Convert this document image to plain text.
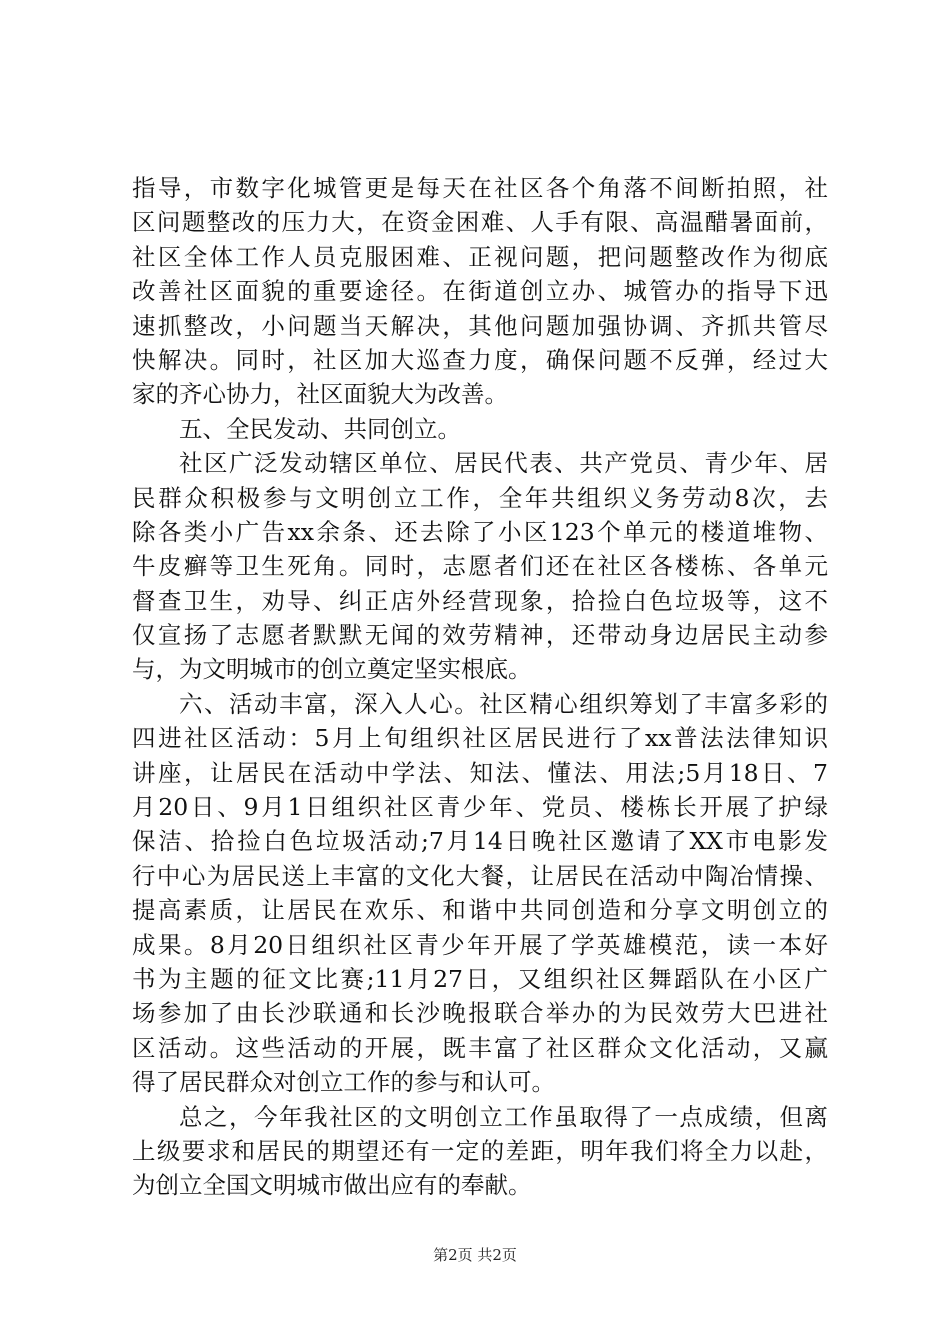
指导，市数字化城管更是每天在社区各个角落不间断拍照，社
区问题整改的压力大，在资金困难、人手有限、高温醋暑面前，
社区全体工作人员克服困难、正视问题，把问题整改作为彻底
改善社区面貌的重要途径。在街道创立办、城管办的指导下迅
速抓整改，小问题当天解决，其他问题加强协调、齐抓共管尽
快解决。同时，社区加大巡查力度，确保问题不反弹，经过大
家的齐心协力，社区面貌大为改善。
五、全民发动、共同创立。
社区广泛发动辖区单位、居民代表、共产党员、青少年、居
民群众积极参与文明创立工作，全年共组织义务劳动8次，去
除各类小广告xx余条、还去除了小区123个单元的楼道堆物、
牛皮癣等卫生死角。同时，志愿者们还在社区各楼栋、各单元
督查卫生，劝导、纠正店外经营现象，拾捡白色垃圾等，这不
仅宣扬了志愿者默默无闻的效劳精神，还带动身边居民主动参
与，为文明城市的创立奠定坚实根底。
六、活动丰富，深入人心。社区精心组织筹划了丰富多彩的
四进社区活动：5月上旬组织社区居民进行了xx普法法律知识
讲座，让居民在活动中学法、知法、懂法、用法;5月18日、7
月20日、9月1日组织社区青少年、党员、楼栋长开展了护绿
保洁、拾捡白色垃圾活动;7月14日晚社区邀请了XX市电影发
行中心为居民送上丰富的文化大餐，让居民在活动中陶冶情操、
提高素质，让居民在欢乐、和谐中共同创造和分享文明创立的
成果。8月20日组织社区青少年开展了学英雄模范，读一本好
书为主题的征文比赛;11月27日，又组织社区舞蹈队在小区广
场参加了由长沙联通和长沙晚报联合举办的为民效劳大巴进社
区活动。这些活动的开展，既丰富了社区群众文化活动，又赢
得了居民群众对创立工作的参与和认可。
总之，今年我社区的文明创立工作虽取得了一点成绩，但离
上级要求和居民的期望还有一定的差距，明年我们将全力以赴，
为创立全国文明城市做出应有的奉献。
第2页 共2页
